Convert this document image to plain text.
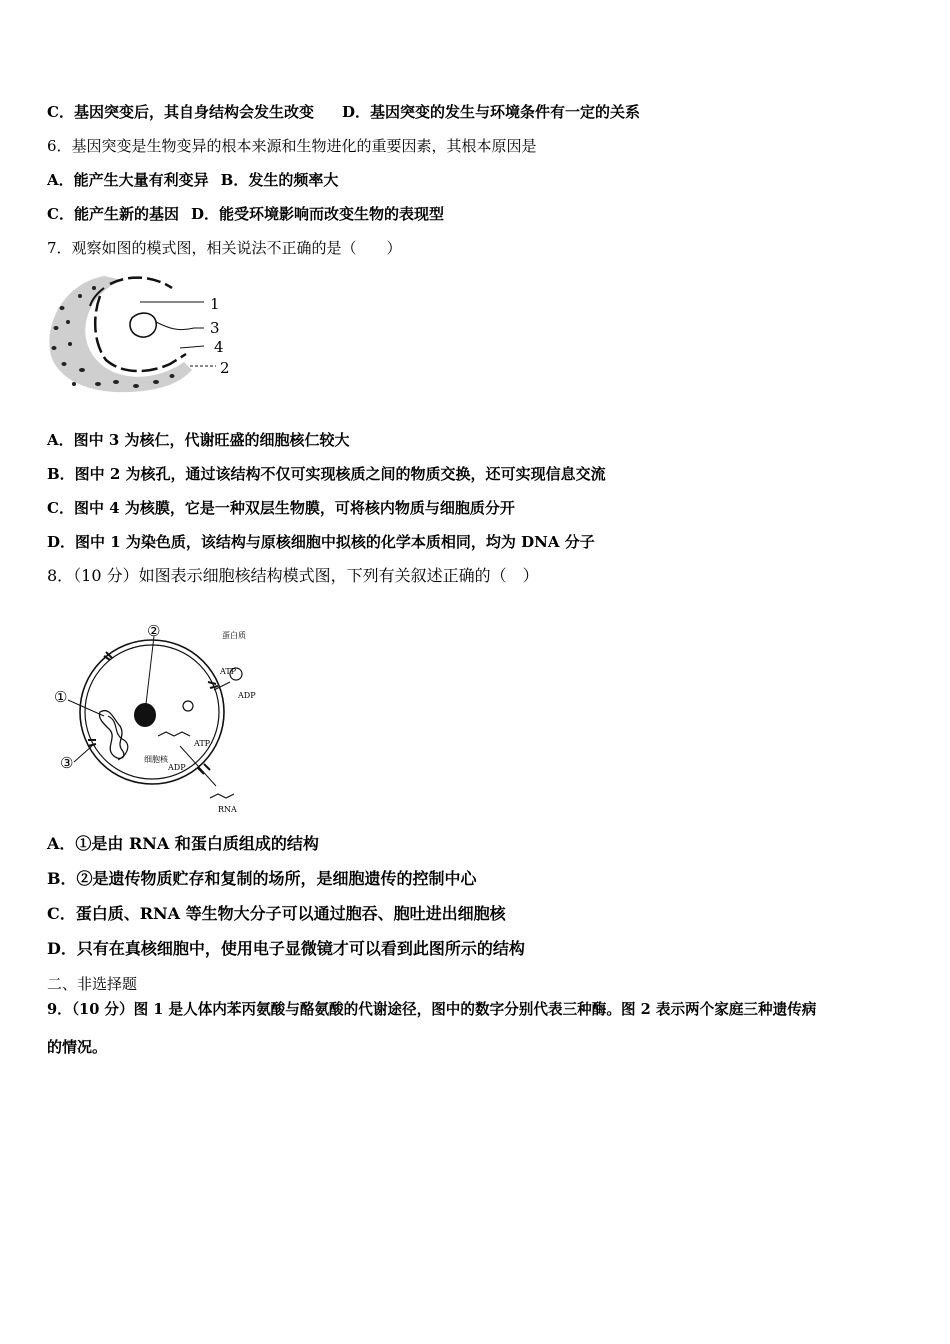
C．基因突变后，其自身结构会发生改变 D．基因突变的发生与环境条件有一定的关系
6．基因突变是生物变异的根本来源和生物进化的重要因素，其根本原因是
A．能产生大量有利变异 B．发生的频率大
C．能产生新的基因 D．能受环境影响而改变生物的表现型
7．观察如图的模式图，相关说法不正确的是（　　）
1
3
4
2
A．图中 3 为核仁，代谢旺盛的细胞核仁较大
B．图中 2 为核孔，通过该结构不仅可实现核质之间的物质交换，还可实现信息交流
C．图中 4 为核膜，它是一种双层生物膜，可将核内物质与细胞质分开
D．图中 1 为染色质，该结构与原核细胞中拟核的化学本质相同，均为 DNA 分子
8．（10 分）如图表示细胞核结构模式图，下列有关叙述正确的（　）
②
①
③
蛋白质
ATP
ADP
ATP
ADP
细胞核
RNA
A．①是由 RNA 和蛋白质组成的结构
B．②是遗传物质贮存和复制的场所，是细胞遗传的控制中心
C．蛋白质、RNA 等生物大分子可以通过胞吞、胞吐进出细胞核
D．只有在真核细胞中，使用电子显微镜才可以看到此图所示的结构
二、非选择题
9．（10 分）图 1 是人体内苯丙氨酸与酪氨酸的代谢途径，图中的数字分别代表三种酶。图 2 表示两个家庭三种遗传病
的情况。
